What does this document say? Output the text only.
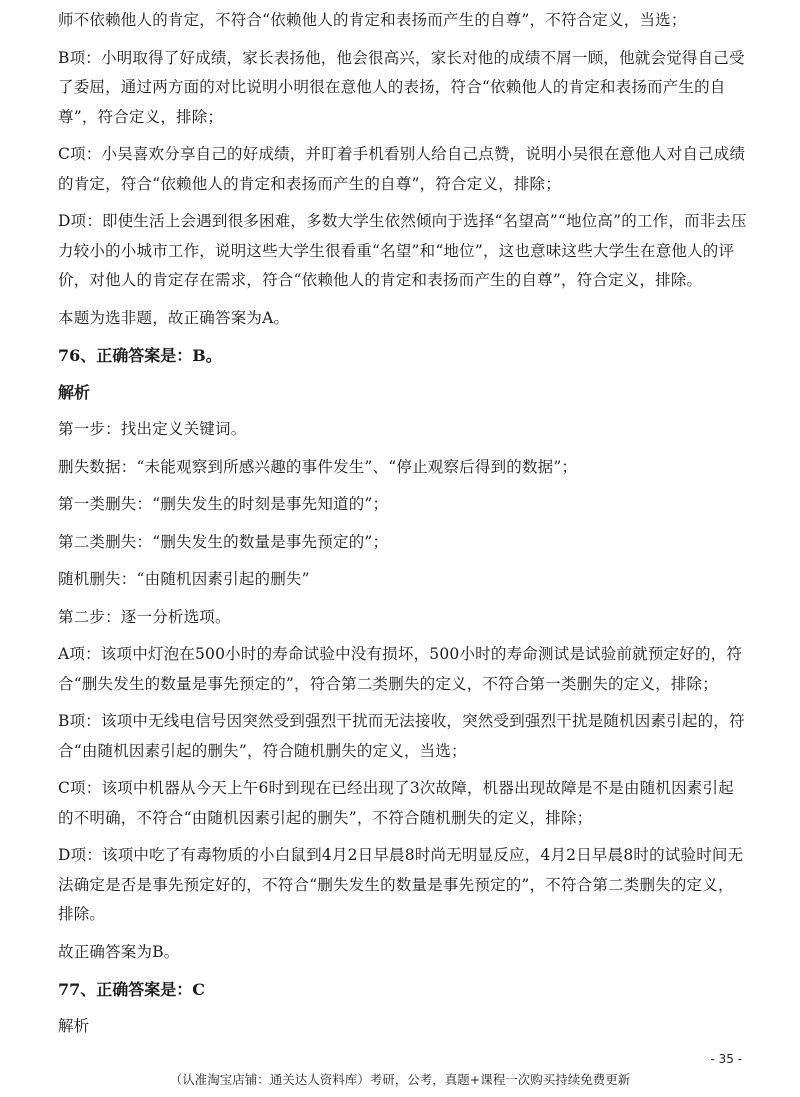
师不依赖他人的肯定，不符合“依赖他人的肯定和表扬而产生的自尊”，不符合定义，当选；

B项：小明取得了好成绩，家长表扬他，他会很高兴，家长对他的成绩不屑一顾，他就会觉得自己受了委屈，通过两方面的对比说明小明很在意他人的表扬，符合“依赖他人的肯定和表扬而产生的自尊”，符合定义，排除；

C项：小吴喜欢分享自己的好成绩，并盯着手机看别人给自己点赞，说明小吴很在意他人对自己成绩的肯定，符合“依赖他人的肯定和表扬而产生的自尊”，符合定义，排除；

D项：即使生活上会遇到很多困难，多数大学生依然倾向于选择“名望高”“地位高”的工作，而非去压力较小的小城市工作，说明这些大学生很看重“名望”和“地位”，这也意味这些大学生在意他人的评价，对他人的肯定存在需求，符合“依赖他人的肯定和表扬而产生的自尊”，符合定义，排除。

本题为选非题，故正确答案为A。

76、正确答案是：B。

解析

第一步：找出定义关键词。

删失数据：“未能观察到所感兴趣的事件发生”、“停止观察后得到的数据”；

第一类删失：“删失发生的时刻是事先知道的”；

第二类删失：“删失发生的数量是事先预定的”；

随机删失：“由随机因素引起的删失”

第二步：逐一分析选项。

A项：该项中灯泡在500小时的寿命试验中没有损坏，500小时的寿命测试是试验前就预定好的，符合“删失发生的数量是事先预定的”，符合第二类删失的定义，不符合第一类删失的定义，排除；

B项：该项中无线电信号因突然受到强烈干扰而无法接收，突然受到强烈干扰是随机因素引起的，符合“由随机因素引起的删失”，符合随机删失的定义，当选；

C项：该项中机器从今天上午6时到现在已经出现了3次故障，机器出现故障是不是由随机因素引起的不明确，不符合“由随机因素引起的删失”，不符合随机删失的定义，排除；

D项：该项中吃了有毒物质的小白鼠到4月2日早晨8时尚无明显反应，4月2日早晨8时的试验时间无法确定是否是事先预定好的，不符合“删失发生的数量是事先预定的”，不符合第二类删失的定义，排除。

故正确答案为B。

77、正确答案是：C

解析

- 35 -
（认准淘宝店铺：通关达人资料库）考研，公考，真题+课程一次购买持续免费更新
